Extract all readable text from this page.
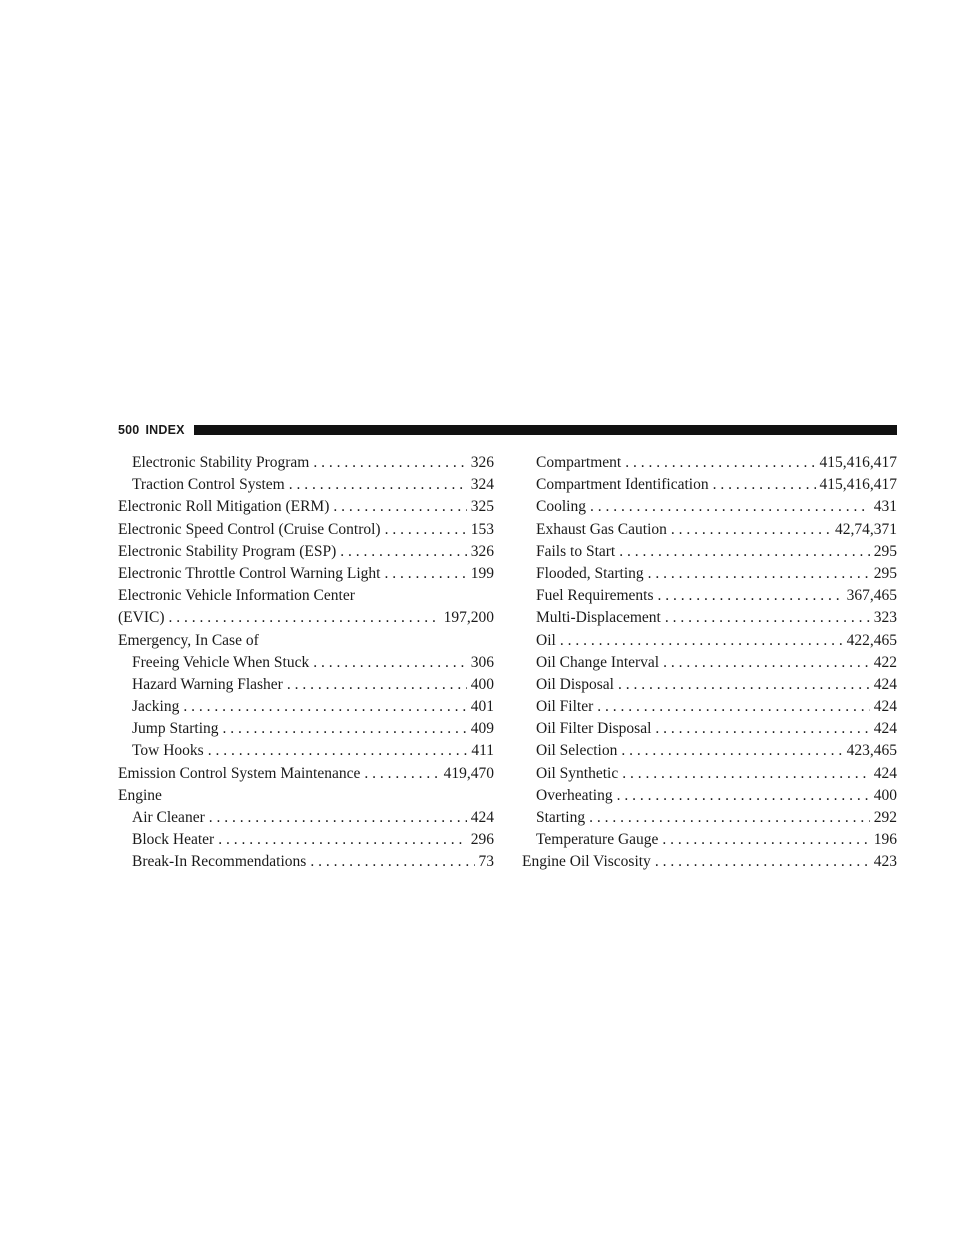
500 INDEX
Electronic Stability Program . . .	326
Traction Control System . . .	324
Electronic Roll Mitigation (ERM) . . .	325
Electronic Speed Control (Cruise Control) . . .	153
Electronic Stability Program (ESP) . . .	326
Electronic Throttle Control Warning Light . . .	199
Electronic Vehicle Information Center
(EVIC) . . .	197,200
Emergency, In Case of
Freeing Vehicle When Stuck . . .	306
Hazard Warning Flasher . . .	400
Jacking . . .	401
Jump Starting . . .	409
Tow Hooks . . .	411
Emission Control System Maintenance . . .	419,470
Engine
Air Cleaner . . .	424
Block Heater . . .	296
Break-In Recommendations . . .	73
Compartment . . .	415,416,417
Compartment Identification . . .	415,416,417
Cooling . . .	431
Exhaust Gas Caution . . .	42,74,371
Fails to Start . . .	295
Flooded, Starting . . .	295
Fuel Requirements . . .	367,465
Multi-Displacement . . .	323
Oil . . .	422,465
Oil Change Interval . . .	422
Oil Disposal . . .	424
Oil Filter . . .	424
Oil Filter Disposal . . .	424
Oil Selection . . .	423,465
Oil Synthetic . . .	424
Overheating . . .	400
Starting . . .	292
Temperature Gauge . . .	196
Engine Oil Viscosity . . .	423
